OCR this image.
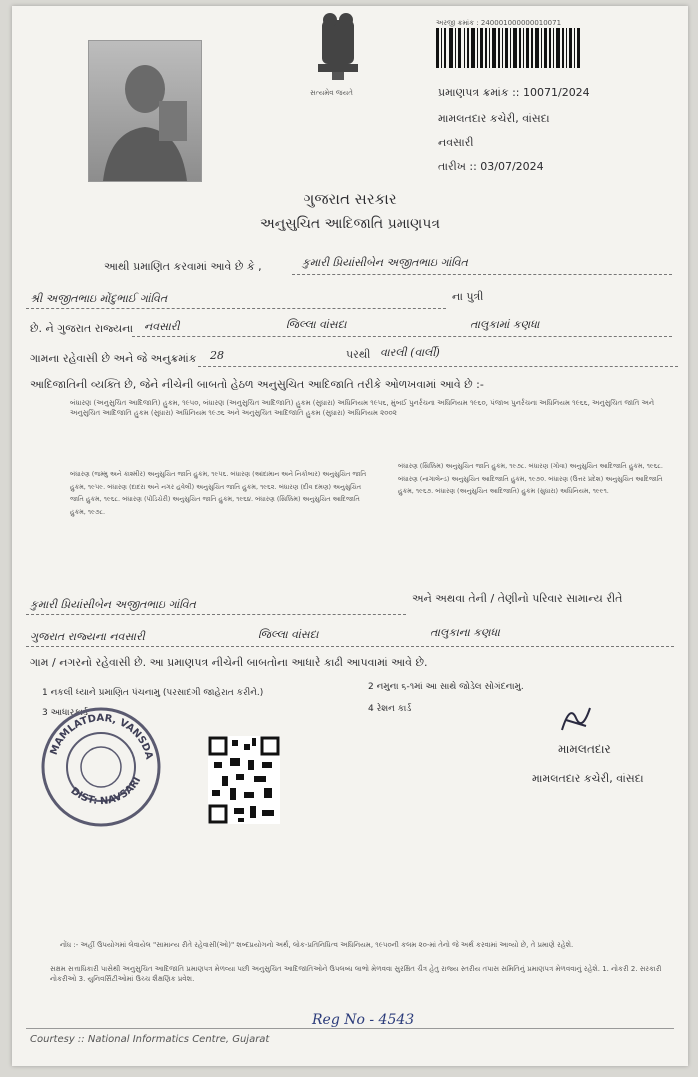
સત્યમેવ જયતે
અરજી ક્રમાંક : 240001000000010071
પ્રમાણપત્ર ક્રમાંક :: 10071/2024
મામલતદાર કચેરી, વાંસદા
નવસારી
તારીખ :: 03/07/2024
ગુજરાત સરકાર
અનુસુચિત આદિજાતિ પ્રમાણપત્ર
આથી પ્રમાણિત કરવામાં આવે છે કે ,	કુમારી પ્રિયાંસીબેન અજીતભાઇ ગાંવિત
શ્રી અજીતભાઇ મોંદુભાઈ ગાંવિત	ના પુત્રી
છે. ને ગુજરાત રાજ્યના નવસારી	જિલ્લા વાંસદા	તાલુકામાં કણધા
ગામના રહેવાસી છે અને જે અનુક્રમાંક 28	પરથી વારલી (વાર્લી)
આદિજાતિની વ્યક્તિ છે, જેને નીચેની બાબતો હેઠળ અનુસુચિત આદિજાતિ તરીકે ઓળખવામાં આવે છે :-
બંધારણ (અનુસુચિત આદિજાતિ) હુકમ, ૧૯૫૦, બંધારણ (અનુસુચિત આદિજાતિ) હુકમ (સુધારા) અધિનિયમ ૧૯૫૬, મુંબઈ પુનર્રચના અધિનિયમ ૧૯૬૦, પંજાબ પુનર્રચના અધિનિયમ ૧૯૬૬, અનુસુચિત જાતિ અને અનુસુચિત આદિજાતિ હુકમ (સુધારા) અધિનિયમ ૧૯૭૬ અને અનુસુચિત આદિજાતિ હુકમ (સુધારા) અધિનિયમ ૨૦૦૨
બંધારણ (જમ્મુ અને કાશ્મીર) અનુસુચિત જાતિ હુકમ, ૧૯૫૬. બંધારણ (આંદામાન અને નિકોબાર) અનુસુચિત જાતિ હુકમ, ૧૯૫૯. બંધારણ (દાદરા અને નગર હવેલી) અનુસુચિત જાતિ હુકમ, ૧૯૬૨. બંધારણ (દીવ દમણ) અનુસુચિત જાતિ હુકમ, ૧૯૬૮. બંધારણ (પોંડિચેરી) અનુસુચિત જાતિ હુકમ, ૧૯૬૪. બંધારણ (સિક્કિમ) અનુસુચિત આદિજાતિ હુકમ, ૧૯૭૮.
બંધારણ (સિક્કિમ) અનુસુચિત જાતિ હુકમ, ૧૯૭૮. બંધારણ (ગોવા) અનુસુચિત આદિજાતિ હુકમ, ૧૯૬૮. બંધારણ (નાગાલેન્ડ) અનુસુચિત આદિજાતિ હુકમ, ૧૯૭૦. બંધારણ (ઉત્તર પ્રદેશ) અનુસુચિત આદિજાતિ હુકમ, ૧૯૬૭. બંધારણ (અનુસુચિત આદિજાતિ) હુકમ (સુધારા) અધિનિયમ, ૧૯૯૧.
કુમારી પ્રિયાંસીબેન અજીતભાઇ ગાંવિત	અને અથવા તેની / તેણીનો પરિવાર સામાન્ય રીતે
ગુજરાત રાજ્યના નવસારી	જિલ્લા વાંસદા	તાલુકાના કણધા
ગામ / નગરનો રહેવાસી છે. આ પ્રમાણપત્ર નીચેની બાબતોના આધારે કાઢી આપવામાં આવે છે.
1 નકલી ધ્યાને પ્રમાણિત પંચનામુ (પરસાદગી જાહેરાત કરીને.)
2 નમુના ૬-૧માં આ સાથે જોડેલ સોગંદનામુ.
3 આધારકાર્ડ	4 રેશન કાર્ડ
MAMLATDAR, VANSDA
DIST: NAVSARI
મામલતદાર
મામલતદાર કચેરી, વાંસદા
નોંધ :- અહીં ઉપયોગમાં લેવાયેલ "સામાન્ય રીતે રહેવાસી(ઓ)" શબ્દપ્રયોગનો અર્થ, લોક-પ્રતિનિધિત્વ અધિનિયમ, ૧૯૫૦ની કલમ ૨૦-માં તેનો જે અર્થ કરવામાં આવ્યો છે, તે પ્રમાણે રહેશે.
સક્ષમ સત્તાધિકારી પાસેથી અનુસુચિત આદિજાતિ પ્રમાણપત્ર મેળવ્યા પછી અનુસુચિત આદિજાતિઓને ઉપલબ્ધ લાભો મેળવવા સુરક્ષિત ચૈત્ર હેતુ રાજ્ય સ્તરીય તપાસ સમિતિનું પ્રમાણપત્ર મેળવવાનું રહેશે. 1. નોકરી 2. સરકારી નોકરીઓ 3. યુનિવર્સિટીઓમાં ઉચ્ચ શૈક્ષણિક પ્રવેશ.
Reg No - 4543
Courtesy :: National Informatics Centre, Gujarat
